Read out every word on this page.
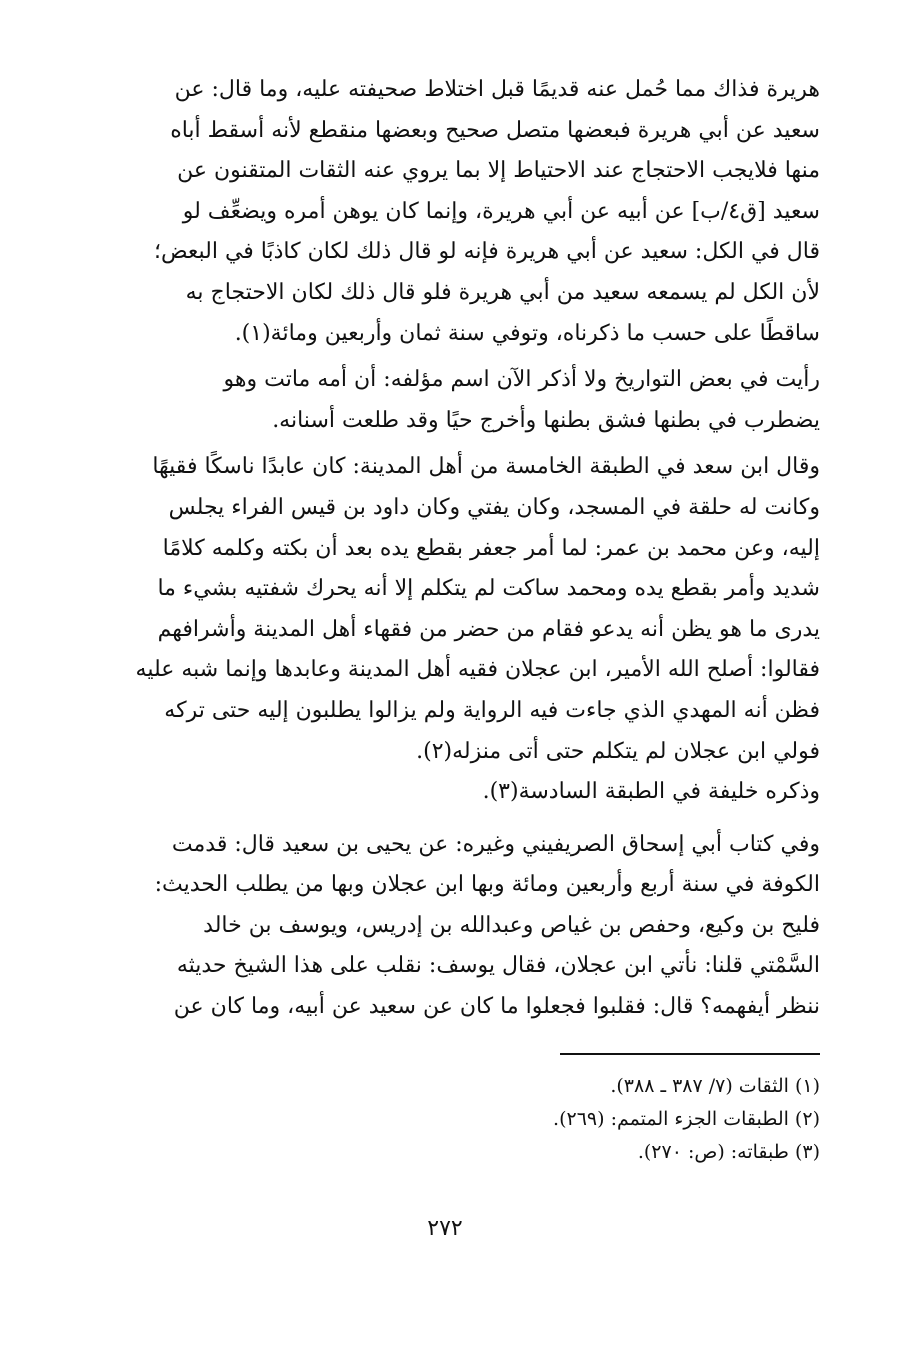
هريرة فذاك مما حُمل عنه قديمًا قبل اختلاط صحيفته عليه، وما قال: عن
سعيد عن أبي هريرة فبعضها متصل صحيح وبعضها منقطع لأنه أسقط أباه
منها فلايجب الاحتجاج عند الاحتياط إلا بما يروي عنه الثقات المتقنون عن
سعيد [ق٤/ب] عن أبيه عن أبي هريرة، وإنما كان يوهن أمره ويضعِّف لو
قال في الكل: سعيد عن أبي هريرة فإنه لو قال ذلك لكان كاذبًا في البعض؛
لأن الكل لم يسمعه سعيد من أبي هريرة فلو قال ذلك لكان الاحتجاج به
ساقطًا على حسب ما ذكرناه، وتوفي سنة ثمان وأربعين ومائة(١).
رأيت في بعض التواريخ ولا أذكر الآن اسم مؤلفه: أن أمه ماتت وهو
يضطرب في بطنها فشق بطنها وأخرج حيًا وقد طلعت أسنانه.
وقال ابن سعد في الطبقة الخامسة من أهل المدينة: كان عابدًا ناسكًا فقيهًا
وكانت له حلقة في المسجد، وكان يفتي وكان داود بن قيس الفراء يجلس
إليه، وعن محمد بن عمر: لما أمر جعفر بقطع يده بعد أن بكته وكلمه كلامًا
شديد وأمر بقطع يده ومحمد ساكت لم يتكلم إلا أنه يحرك شفتيه بشيء ما
يدرى ما هو يظن أنه يدعو فقام من حضر من فقهاء أهل المدينة وأشرافهم
فقالوا: أصلح الله الأمير، ابن عجلان فقيه أهل المدينة وعابدها وإنما شبه عليه
فظن أنه المهدي الذي جاءت فيه الرواية ولم يزالوا يطلبون إليه حتى تركه
فولي ابن عجلان لم يتكلم حتى أتى منزله(٢).
وذكره خليفة في الطبقة السادسة(٣).
وفي كتاب أبي إسحاق الصريفيني وغيره: عن يحيى بن سعيد قال: قدمت
الكوفة في سنة أربع وأربعين ومائة وبها ابن عجلان وبها من يطلب الحديث:
فليح بن وكيع، وحفص بن غياص وعبدالله بن إدريس، ويوسف بن خالد
السَّمْتي قلنا: نأتي ابن عجلان، فقال يوسف: نقلب على هذا الشيخ حديثه
ننظر أيفهمه؟ قال: فقلبوا فجعلوا ما كان عن سعيد عن أبيه، وما كان عن
(١) الثقات (٧/ ٣٨٧ ـ ٣٨٨).
(٢) الطبقات الجزء المتمم: (٢٦٩).
(٣) طبقاته: (ص: ٢٧٠).
٢٧٢
